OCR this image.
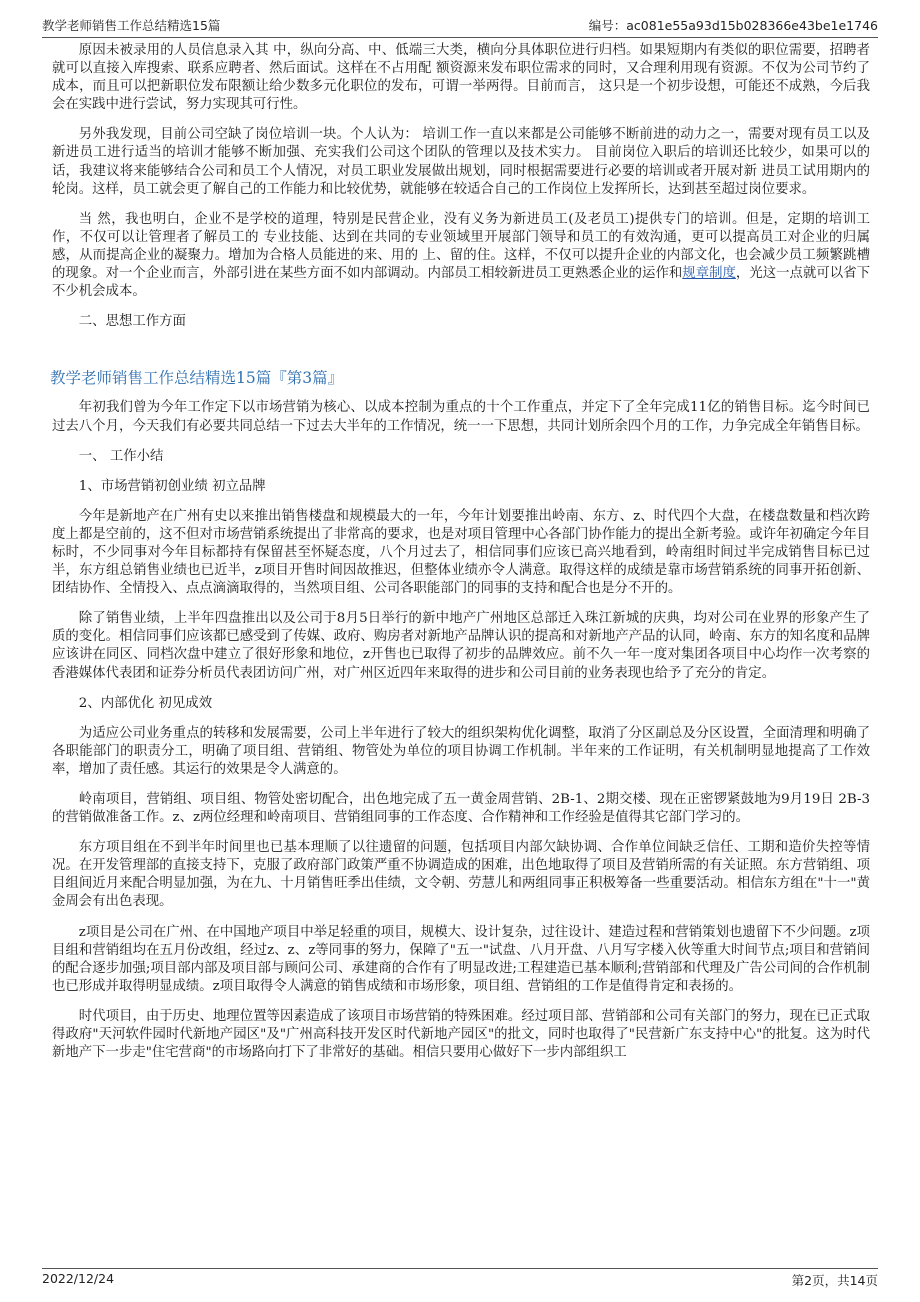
教学老师销售工作总结精选15篇	编号：ac081e55a93d15b028366e43be1e1746

原因未被录用的人员信息录入其 中，纵向分高、中、低端三大类，横向分具体职位进行归档。如果短期内有类似的职位需要，招聘者就可以直接入库搜索、联系应聘者、然后面试。这样在不占用配 额资源来发布职位需求的同时，又合理利用现有资源。不仅为公司节约了成本，而且可以把新职位发布限额让给少数多元化职位的发布，可谓一举两得。目前而言， 这只是一个初步设想，可能还不成熟，今后我会在实践中进行尝试，努力实现其可行性。

另外我发现，目前公司空缺了岗位培训一块。个人认为： 培训工作一直以来都是公司能够不断前进的动力之一，需要对现有员工以及新进员工进行适当的培训才能够不断加强、充实我们公司这个团队的管理以及技术实力。 目前岗位入职后的培训还比较少，如果可以的话，我建议将来能够结合公司和员工个人情况，对员工职业发展做出规划，同时根据需要进行必要的培训或者开展对新 进员工试用期内的轮岗。这样，员工就会更了解自己的工作能力和比较优势，就能够在较适合自己的工作岗位上发挥所长，达到甚至超过岗位要求。

当 然，我也明白，企业不是学校的道理，特别是民营企业，没有义务为新进员工(及老员工)提供专门的培训。但是，定期的培训工作，不仅可以让管理者了解员工的 专业技能、达到在共同的专业领域里开展部门领导和员工的有效沟通，更可以提高员工对企业的归属感，从而提高企业的凝聚力。增加为合格人员能进的来、用的 上、留的住。这样，不仅可以提升企业的内部文化，也会减少员工频繁跳槽的现象。对一个企业而言，外部引进在某些方面不如内部调动。内部员工相较新进员工更熟悉企业的运作和规章制度，光这一点就可以省下不少机会成本。

二、思想工作方面

教学老师销售工作总结精选15篇『第3篇』

年初我们曾为今年工作定下以市场营销为核心、以成本控制为重点的十个工作重点，并定下了全年完成11亿的销售目标。迄今时间已过去八个月，今天我们有必要共同总结一下过去大半年的工作情况，统一一下思想，共同计划所余四个月的工作，力争完成全年销售目标。

一、 工作小结

1、市场营销初创业绩 初立品牌

今年是新地产在广州有史以来推出销售楼盘和规模最大的一年，今年计划要推出岭南、东方、z、时代四个大盘，在楼盘数量和档次跨度上都是空前的，这不但对市场营销系统提出了非常高的要求，也是对项目管理中心各部门协作能力的提出全新考验。或许年初确定今年目标时，不少同事对今年目标都持有保留甚至怀疑态度，八个月过去了，相信同事们应该已高兴地看到，岭南组时间过半完成销售目标已过半，东方组总销售业绩也已近半，z项目开售时间因故推迟，但整体业绩亦令人满意。取得这样的成绩是靠市场营销系统的同事开拓创新、团结协作、全情投入、点点滴滴取得的，当然项目组、公司各职能部门的同事的支持和配合也是分不开的。

除了销售业绩，上半年四盘推出以及公司于8月5日举行的新中地产广州地区总部迁入珠江新城的庆典，均对公司在业界的形象产生了质的变化。相信同事们应该都已感受到了传媒、政府、购房者对新地产品牌认识的提高和对新地产产品的认同，岭南、东方的知名度和品牌应该讲在同区、同档次盘中建立了很好形象和地位，z开售也已取得了初步的品牌效应。前不久一年一度对集团各项目中心均作一次考察的香港媒体代表团和证券分析员代表团访问广州，对广州区近四年来取得的进步和公司目前的业务表现也给予了充分的肯定。

2、内部优化 初见成效

为适应公司业务重点的转移和发展需要，公司上半年进行了较大的组织架构优化调整，取消了分区副总及分区设置，全面清理和明确了各职能部门的职责分工，明确了项目组、营销组、物管处为单位的项目协调工作机制。半年来的工作证明，有关机制明显地提高了工作效率，增加了责任感。其运行的效果是令人满意的。

岭南项目，营销组、项目组、物管处密切配合，出色地完成了五一黄金周营销、2B-1、2期交楼、现在正密锣紧鼓地为9月19日 2B-3的营销做准备工作。z、z两位经理和岭南项目、营销组同事的工作态度、合作精神和工作经验是值得其它部门学习的。

东方项目组在不到半年时间里也已基本理顺了以往遗留的问题，包括项目内部欠缺协调、合作单位间缺乏信任、工期和造价失控等情况。在开发管理部的直接支持下，克服了政府部门政策严重不协调造成的困难，出色地取得了项目及营销所需的有关证照。东方营销组、项目组间近月来配合明显加强，为在九、十月销售旺季出佳绩，文令朝、劳慧儿和两组同事正积极筹备一些重要活动。相信东方组在"十一"黄金周会有出色表现。

z项目是公司在广州、在中国地产项目中举足轻重的项目，规模大、设计复杂，过往设计、建造过程和营销策划也遗留下不少问题。z项目组和营销组均在五月份改组，经过z、z、z等同事的努力，保障了"五一"试盘、八月开盘、八月写字楼入伙等重大时间节点;项目和营销间的配合逐步加强;项目部内部及项目部与顾问公司、承建商的合作有了明显改进;工程建造已基本顺利;营销部和代理及广告公司间的合作机制也已形成并取得明显成绩。z项目取得令人满意的销售成绩和市场形象，项目组、营销组的工作是值得肯定和表扬的。

时代项目，由于历史、地理位置等因素造成了该项目市场营销的特殊困难。经过项目部、营销部和公司有关部门的努力，现在已正式取得政府"天河软件园时代新地产园区"及"广州高科技开发区时代新地产园区"的批文，同时也取得了"民营新广东支持中心"的批复。这为时代新地产下一步走"住宅营商"的市场路向打下了非常好的基础。相信只要用心做好下一步内部组织工

2022/12/24	第2页，共14页
